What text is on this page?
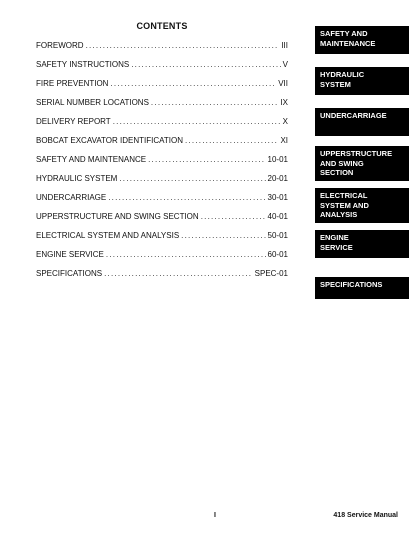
CONTENTS
FOREWORD . . .	III
SAFETY INSTRUCTIONS . . .	V
FIRE PREVENTION . . .	VII
SERIAL NUMBER LOCATIONS . . .	IX
DELIVERY REPORT . . .	X
BOBCAT EXCAVATOR IDENTIFICATION . . .	XI
SAFETY AND MAINTENANCE . . .	10-01
HYDRAULIC SYSTEM . . .	20-01
UNDERCARRIAGE . . .	30-01
UPPERSTRUCTURE AND SWING SECTION . . .	40-01
ELECTRICAL SYSTEM AND ANALYSIS . . .	50-01
ENGINE SERVICE . . .	60-01
SPECIFICATIONS . . .	SPEC-01
SAFETY AND
MAINTENANCE
HYDRAULIC
SYSTEM
UNDERCARRIAGE
UPPERSTRUCTURE
AND SWING
SECTION
ELECTRICAL
SYSTEM AND
ANALYSIS
ENGINE
SERVICE
SPECIFICATIONS
I	418 Service Manual
